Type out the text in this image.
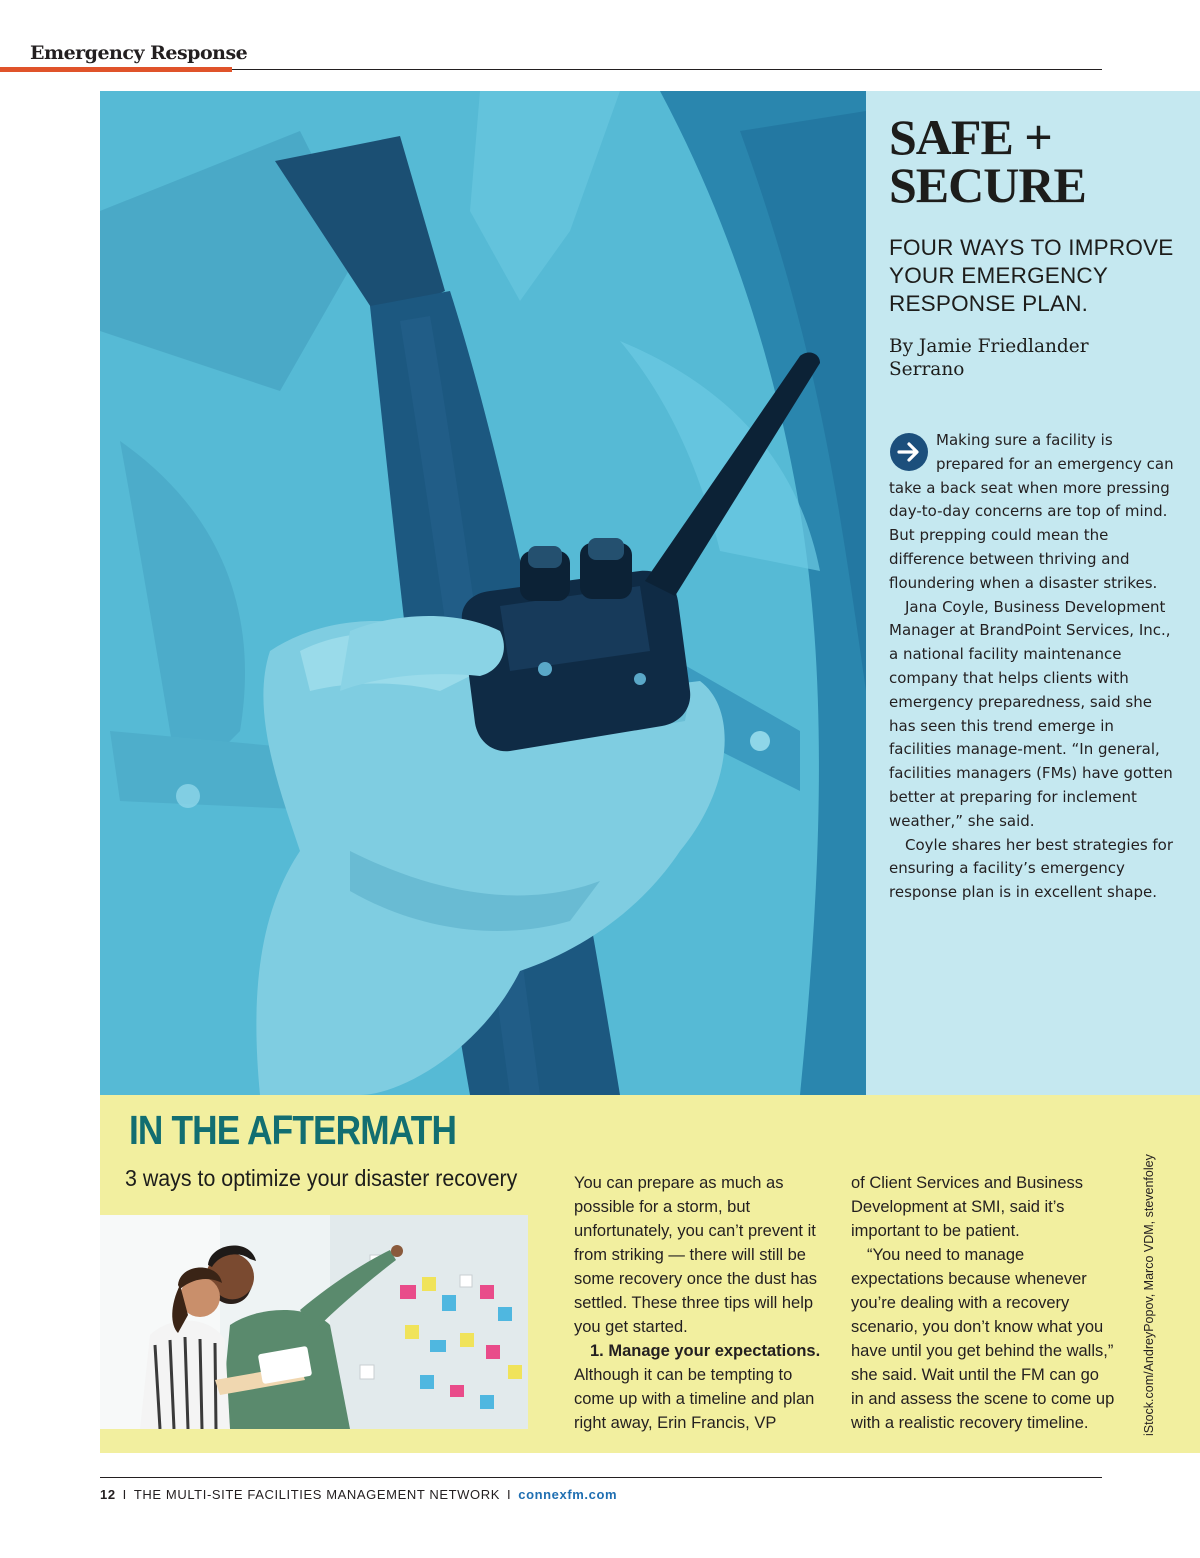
Emergency Response
SAFE +
SECURE
FOUR WAYS TO IMPROVE YOUR EMERGENCY RESPONSE PLAN.
By Jamie Friedlander
Serrano

Making sure a facility is prepared for an emergency can take a back seat when more pressing day-to-day concerns are top of mind. But prepping could mean the difference between thriving and floundering when a disaster strikes.

Jana Coyle, Business Development Manager at BrandPoint Services, Inc., a national facility maintenance company that helps clients with emergency preparedness, said she has seen this trend emerge in facilities manage-ment. “In general, facilities managers (FMs) have gotten better at preparing for inclement weather,” she said.

Coyle shares her best strategies for ensuring a facility’s emergency response plan is in excellent shape.

IN THE AFTERMATH
3 ways to optimize your disaster recovery	You can prepare as much as possible for a storm, but unfortunately, you can’t prevent it from striking — there will still be some recovery once the dust has settled. These three tips will help you get started.

1. Manage your expectations. Although it can be tempting to come up with a timeline and plan right away, Erin Francis, VP

of Client Services and Business Development at SMI, said it’s important to be patient.

“You need to manage expectations because whenever you’re dealing with a recovery scenario, you don’t know what you have until you get behind the walls,” she said. Wait until the FM can go in and assess the scene to come up with a realistic recovery timeline.	iStock.com/AndreyPopov, Marco VDM, stevenfoley
12 I THE MULTI-SITE FACILITIES MANAGEMENT NETWORK I connexfm.com
